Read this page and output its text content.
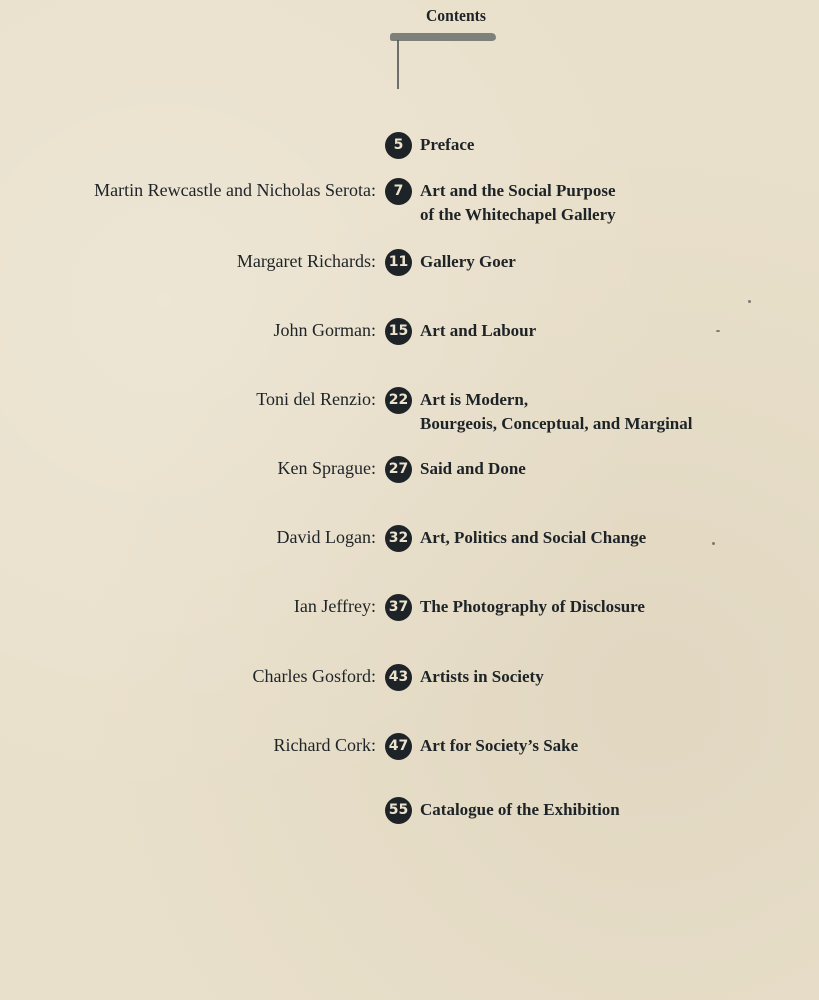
Contents
5 Preface
Martin Rewcastle and Nicholas Serota:	7 Art and the Social Purpose
of the Whitechapel Gallery
Margaret Richards: 11 Gallery Goer
John Gorman: 15 Art and Labour
Toni del Renzio: 22 Art is Modern,
Bourgeois, Conceptual, and Marginal
Ken Sprague: 27 Said and Done
David Logan: 32 Art, Politics and Social Change
Ian Jeffrey: 37 The Photography of Disclosure
Charles Gosford: 43 Artists in Society
Richard Cork: 47 Art for Society’s Sake
55 Catalogue of the Exhibition
